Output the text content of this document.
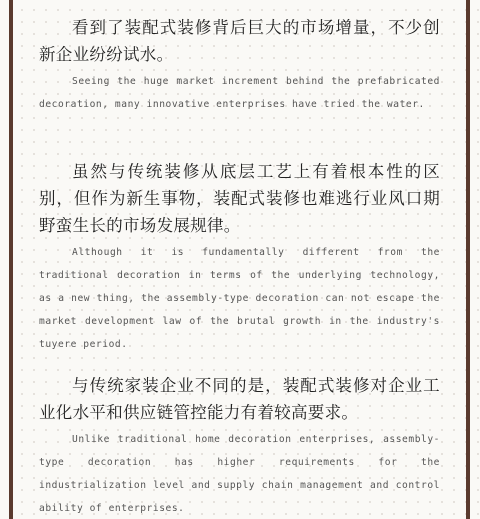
看到了装配式装修背后巨大的市场增量，不少创新企业纷纷试水。

Seeing the huge market increment behind the prefabricated decoration, many innovative enterprises have tried the water.

虽然与传统装修从底层工艺上有着根本性的区别，但作为新生事物，装配式装修也难逃行业风口期野蛮生长的市场发展规律。

Although it is fundamentally different from the traditional decoration in terms of the underlying technology, as a new thing, the assembly-type decoration can not escape the market development law of the brutal growth in the industry's tuyere period.

与传统家装企业不同的是，装配式装修对企业工业化水平和供应链管控能力有着较高要求。

Unlike traditional home decoration enterprises, assembly-type decoration has higher requirements for the industrialization level and supply chain management and control ability of enterprises.
